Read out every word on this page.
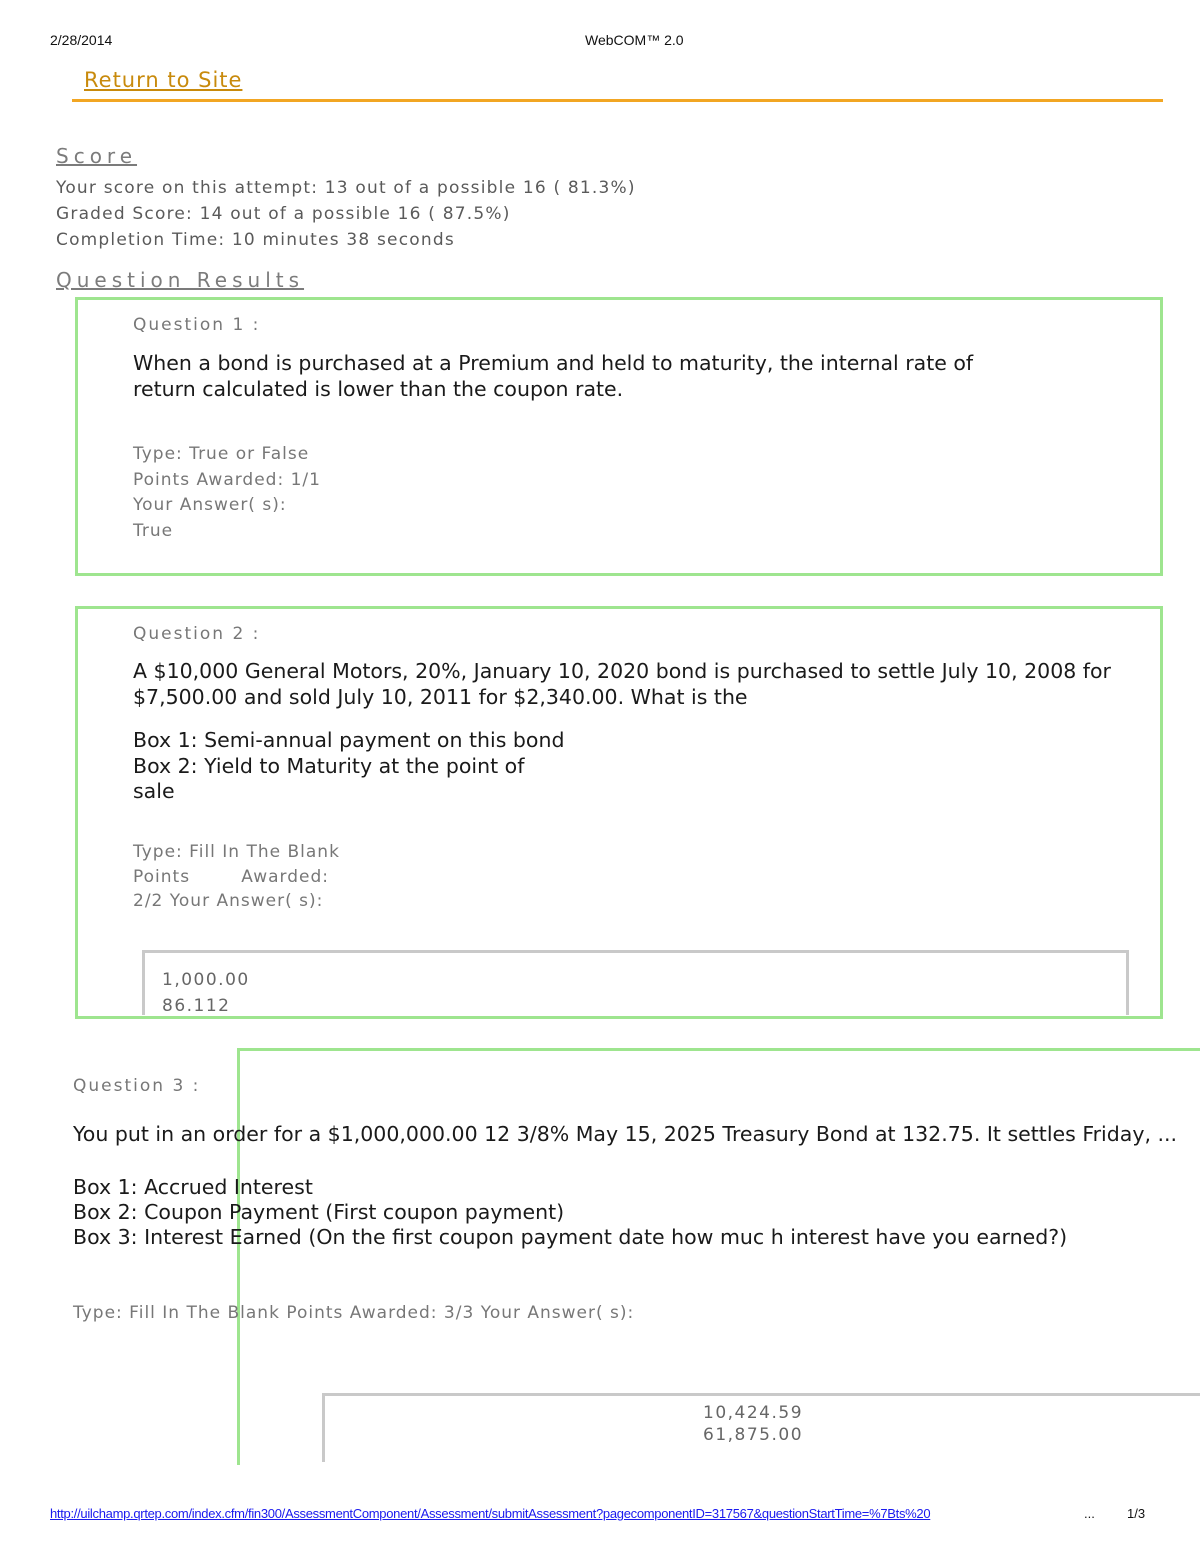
2/28/2014	WebCOM™ 2.0
Return to Site
Score
Your score on this attempt: 13 out of a possible 16 ( 81.3%)
Graded Score: 14 out of a possible 16 ( 87.5%)
Completion Time: 10 minutes 38 seconds
Question Results
Question 1 :
When a bond is purchased at a Premium and held to maturity, the internal rate of
return calculated is lower than the coupon rate.
Type: True or False
Points Awarded: 1/1
Your Answer( s):
True
Question 2 :
A $10,000 General Motors, 20%, January 10, 2020 bond is purchased to settle July 10, 2008 for
$7,500.00 and sold July 10, 2011 for $2,340.00. What is the
Box 1: Semi-annual payment on this bond
Box 2: Yield to Maturity at the point of
sale
Type: Fill In The Blank
Points        Awarded:
2/2 Your Answer( s):
1,000.00
86.112
Question 3 :
You put in an order for a $1,000,000.00 12 3/8% May 15, 2025 Treasury Bond at 132.75. It settles Friday, ...
Box 1: Accrued Interest
Box 2: Coupon Payment (First coupon payment)
Box 3: Interest Earned (On the first coupon payment date how muc h interest have you earned?)
Type: Fill In The Blank Points Awarded: 3/3 Your Answer( s):
10,424.59
61,875.00
http://uilchamp.qrtep.com/index.cfm/fin300/AssessmentComponent/Assessment/submitAssessment?pagecomponentID=317567&questionStartTime=%7Bts%20	... 1/3
